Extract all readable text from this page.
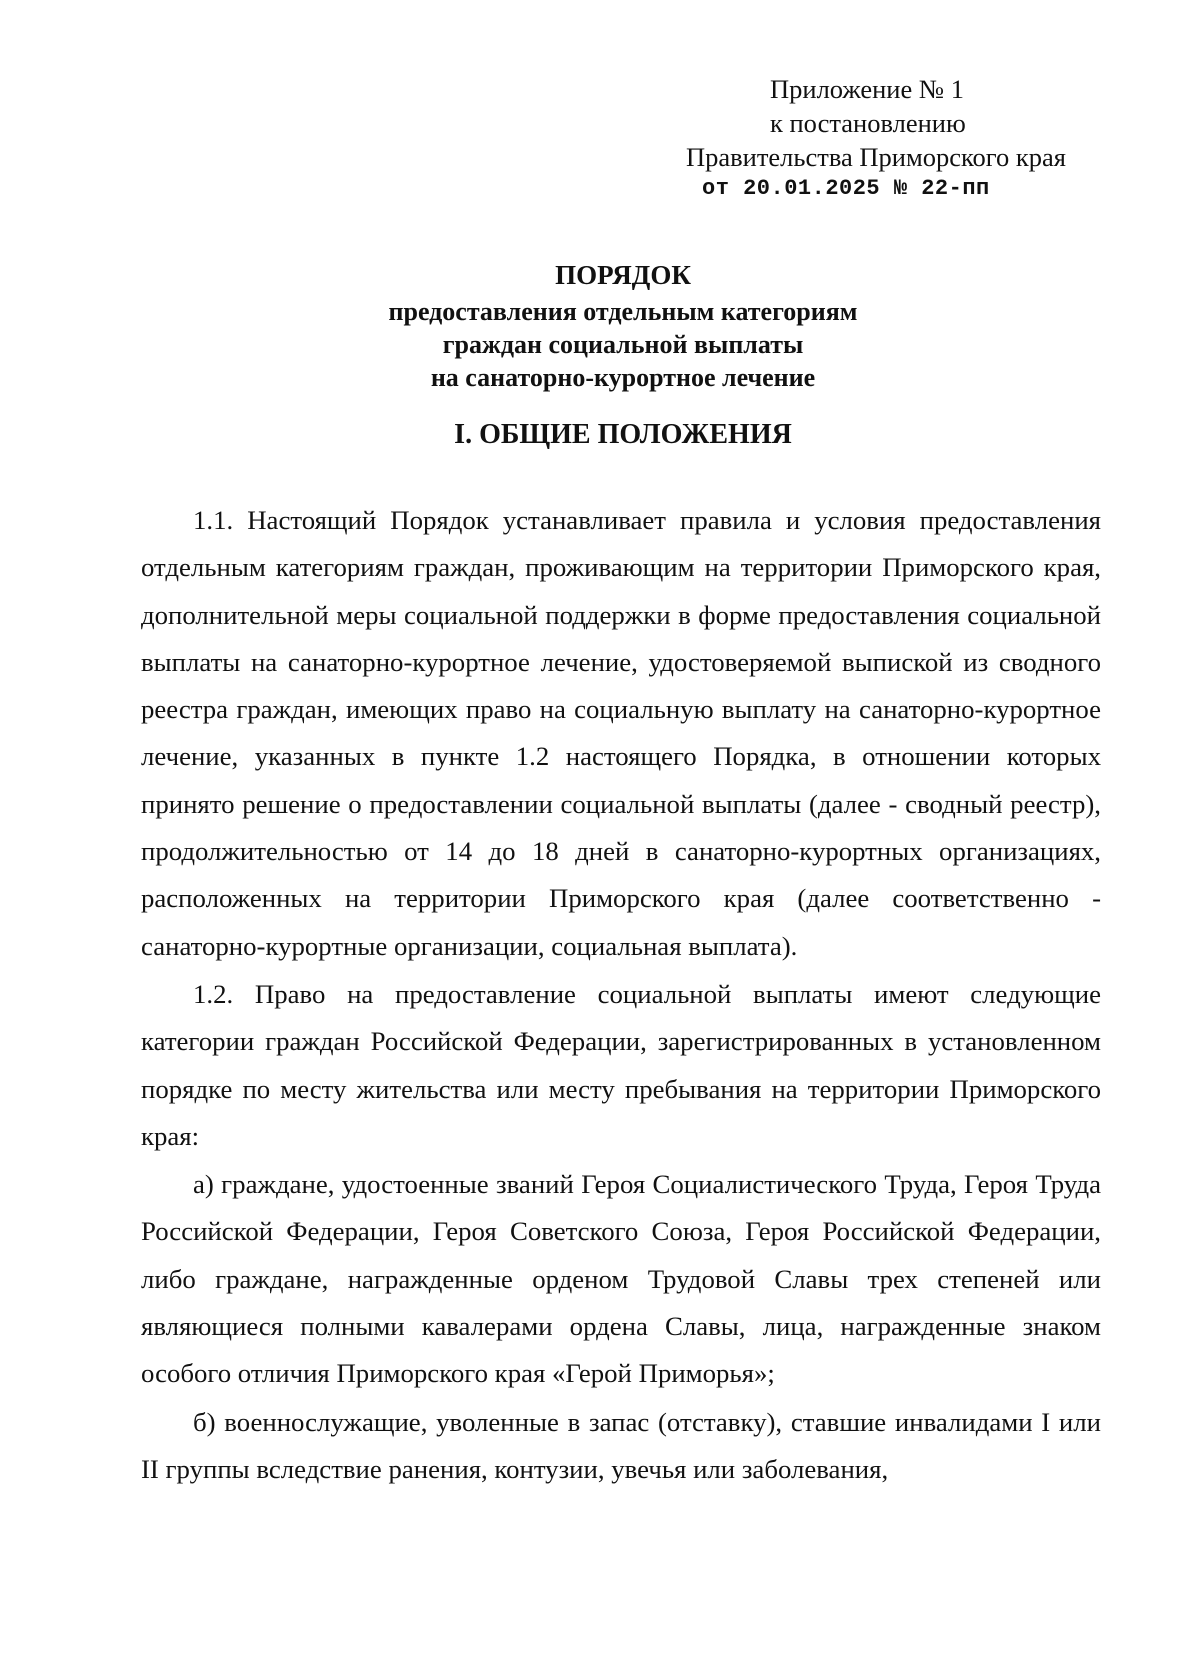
Приложение № 1
к постановлению
Правительства Приморского края
от 20.01.2025 № 22-пп
ПОРЯДОК
предоставления отдельным категориям
граждан социальной выплаты
на санаторно-курортное лечение
I. ОБЩИЕ ПОЛОЖЕНИЯ

1.1. Настоящий Порядок устанавливает правила и условия предоставления отдельным категориям граждан, проживающим на территории Приморского края, дополнительной меры социальной поддержки в форме предоставления социальной выплаты на санаторно-курортное лечение, удостоверяемой выпиской из сводного реестра граждан, имеющих право на социальную выплату на санаторно-курортное лечение, указанных в пункте 1.2 настоящего Порядка, в отношении которых принято решение о предоставлении социальной выплаты (далее - сводный реестр), продолжительностью от 14 до 18 дней в санаторно-курортных организациях, расположенных на территории Приморского края (далее соответственно - санаторно-курортные организации, социальная выплата).

1.2. Право на предоставление социальной выплаты имеют следующие категории граждан Российской Федерации, зарегистрированных в установленном порядке по месту жительства или месту пребывания на территории Приморского края:

а) граждане, удостоенные званий Героя Социалистического Труда, Героя Труда Российской Федерации, Героя Советского Союза, Героя Российской Федерации, либо граждане, награжденные орденом Трудовой Славы трех степеней или являющиеся полными кавалерами ордена Славы, лица, награжденные знаком особого отличия Приморского края «Герой Приморья»;

б) военнослужащие, уволенные в запас (отставку), ставшие инвалидами I или II группы вследствие ранения, контузии, увечья или заболевания,
